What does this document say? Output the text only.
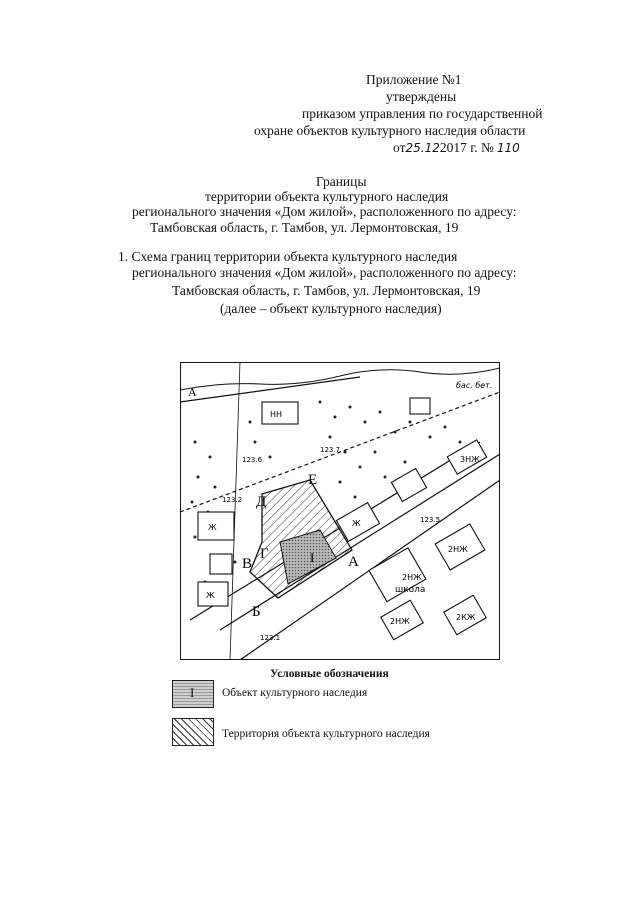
Приложение №1
утверждены
приказом управления по государственной
охране объектов культурного наследия области
от25.122017 г. № 110
Границы
территории объекта культурного наследия
регионального значения «Дом жилой», расположенного по адресу:
Тамбовская область, г. Тамбов, ул. Лермонтовская, 19
1. Схема границ территории объекта культурного наследия
регионального значения «Дом жилой», расположенного по адресу:
Тамбовская область, г. Тамбов, ул. Лермонтовская, 19
(далее – объект культурного наследия)
А
Б
В
Г
Д
Е
I
А	бас. бет.
НН
Ж
Ж
Ж
2НЖ
2НЖ
2НЖ	2КЖ
3НЖ
школа
123.6
123.7
123.2
123.5
123.1
Условные обозначения
I Объект культурного наследия
Территория объекта культурного наследия
